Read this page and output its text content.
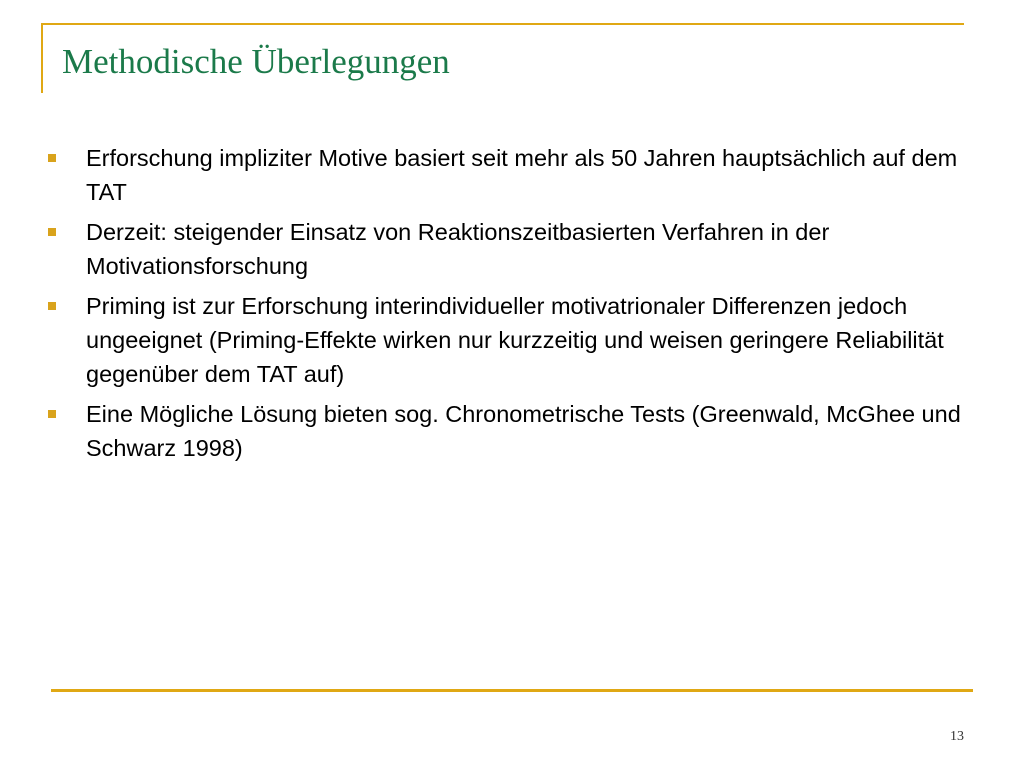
Methodische Überlegungen
Erforschung impliziter Motive basiert seit mehr als 50 Jahren hauptsächlich auf dem TAT
Derzeit: steigender Einsatz von Reaktionszeitbasierten Verfahren in der Motivationsforschung
Priming ist zur Erforschung interindividueller motivatrionaler Differenzen jedoch ungeeignet (Priming-Effekte wirken nur kurzzeitig und weisen geringere Reliabilität gegenüber dem TAT auf)
Eine Mögliche Lösung bieten sog. Chronometrische Tests (Greenwald, McGhee und Schwarz 1998)
13
